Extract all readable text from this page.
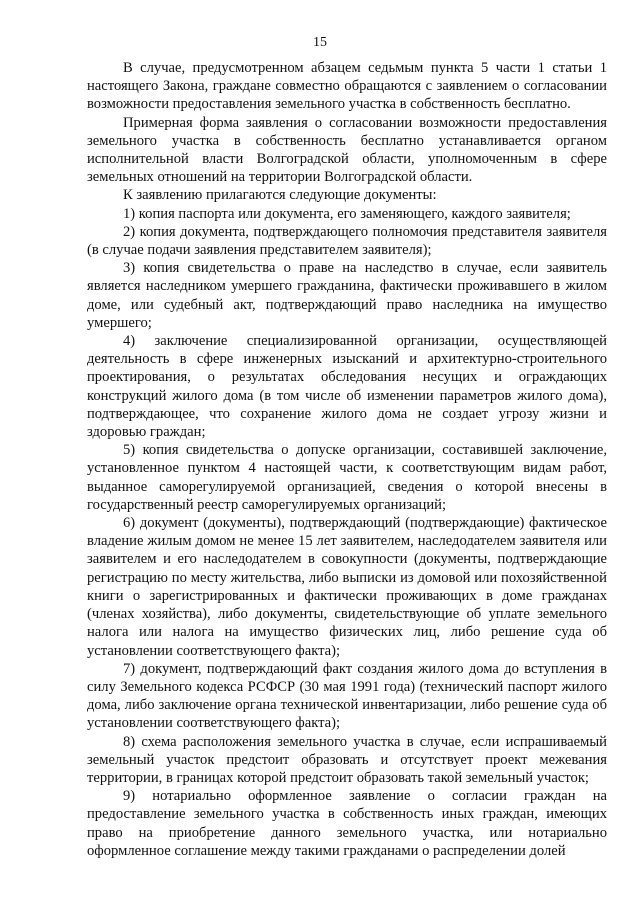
15

В случае, предусмотренном абзацем седьмым пункта 5 части 1 статьи 1 настоящего Закона, граждане совместно обращаются с заявлением о согласовании возможности предоставления земельного участка в собственность бесплатно.

Примерная форма заявления о согласовании возможности предоставления земельного участка в собственность бесплатно устанавливается органом исполнительной власти Волгоградской области, уполномоченным в сфере земельных отношений на территории Волгоградской области.

К заявлению прилагаются следующие документы:

1) копия паспорта или документа, его заменяющего, каждого заявителя;

2) копия документа, подтверждающего полномочия представителя заявителя (в случае подачи заявления представителем заявителя);

3) копия свидетельства о праве на наследство в случае, если заявитель является наследником умершего гражданина, фактически проживавшего в жилом доме, или судебный акт, подтверждающий право наследника на имущество умершего;

4) заключение специализированной организации, осуществляющей деятельность в сфере инженерных изысканий и архитектурно-строительного проектирования, о результатах обследования несущих и ограждающих конструкций жилого дома (в том числе об изменении параметров жилого дома), подтверждающее, что сохранение жилого дома не создает угрозу жизни и здоровью граждан;

5) копия свидетельства о допуске организации, составившей заключение, установленное пунктом 4 настоящей части, к соответствующим видам работ, выданное саморегулируемой организацией, сведения о которой внесены в государственный реестр саморегулируемых организаций;

6) документ (документы), подтверждающий (подтверждающие) фактическое владение жилым домом не менее 15 лет заявителем, наследодателем заявителя или заявителем и его наследодателем в совокупности (документы, подтверждающие регистрацию по месту жительства, либо выписки из домовой или похозяйственной книги о зарегистрированных и фактически проживающих в доме гражданах (членах хозяйства), либо документы, свидетельствующие об уплате земельного налога или налога на имущество физических лиц, либо решение суда об установлении соответствующего факта);

7) документ, подтверждающий факт создания жилого дома до вступления в силу Земельного кодекса РСФСР (30 мая 1991 года) (технический паспорт жилого дома, либо заключение органа технической инвентаризации, либо решение суда об установлении соответствующего факта);

8) схема расположения земельного участка в случае, если испрашиваемый земельный участок предстоит образовать и отсутствует проект межевания территории, в границах которой предстоит образовать такой земельный участок;

9) нотариально оформленное заявление о согласии граждан на предоставление земельного участка в собственность иных граждан, имеющих право на приобретение данного земельного участка, или нотариально оформленное соглашение между такими гражданами о распределении долей
